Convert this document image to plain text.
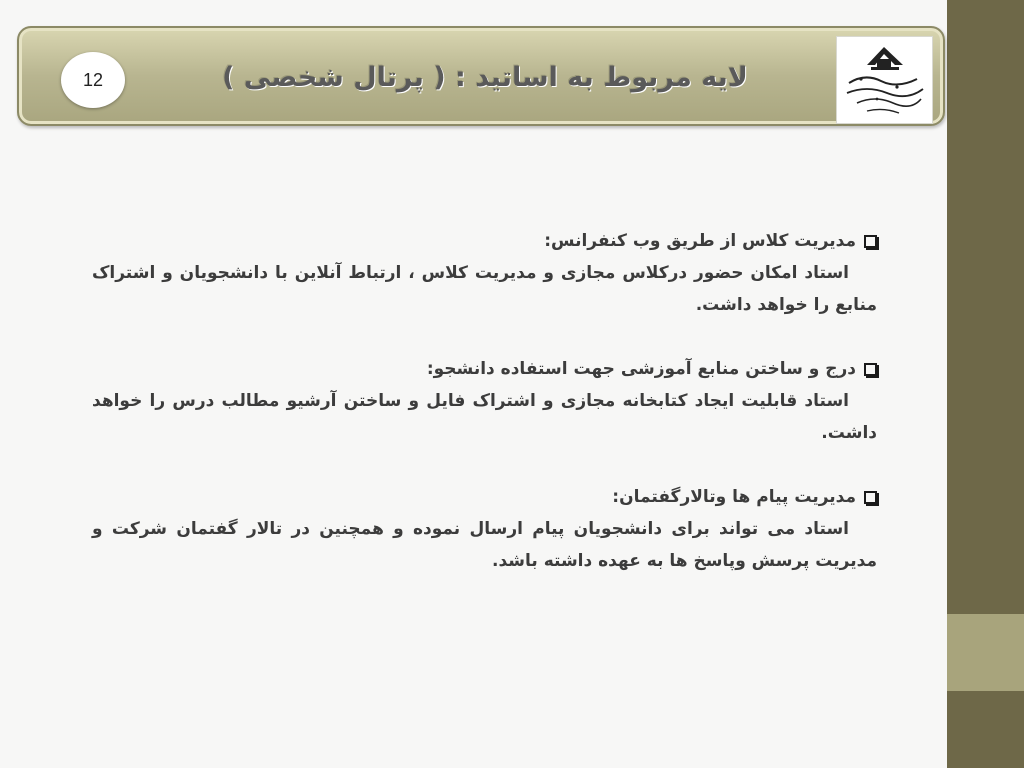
12	لایه مربوط به اساتید : ( پرتال شخصی )
مدیریت کلاس از طریق وب کنفرانس:
استاد امکان حضور درکلاس مجازی و مدیریت کلاس ، ارتباط آنلاین با دانشجویان و اشتراک منابع را خواهد داشت.
درج و ساختن منابع آموزشی جهت استفاده دانشجو:
استاد قابلیت ایجاد کتابخانه مجازی و اشتراک فایل و ساختن آرشیو مطالب درس را خواهد داشت.
مدیریت پیام ها وتالارگفتمان:
استاد می تواند برای دانشجویان پیام ارسال نموده و همچنین در تالار گفتمان شرکت و مدیریت پرسش وپاسخ ها به عهده داشته باشد.
